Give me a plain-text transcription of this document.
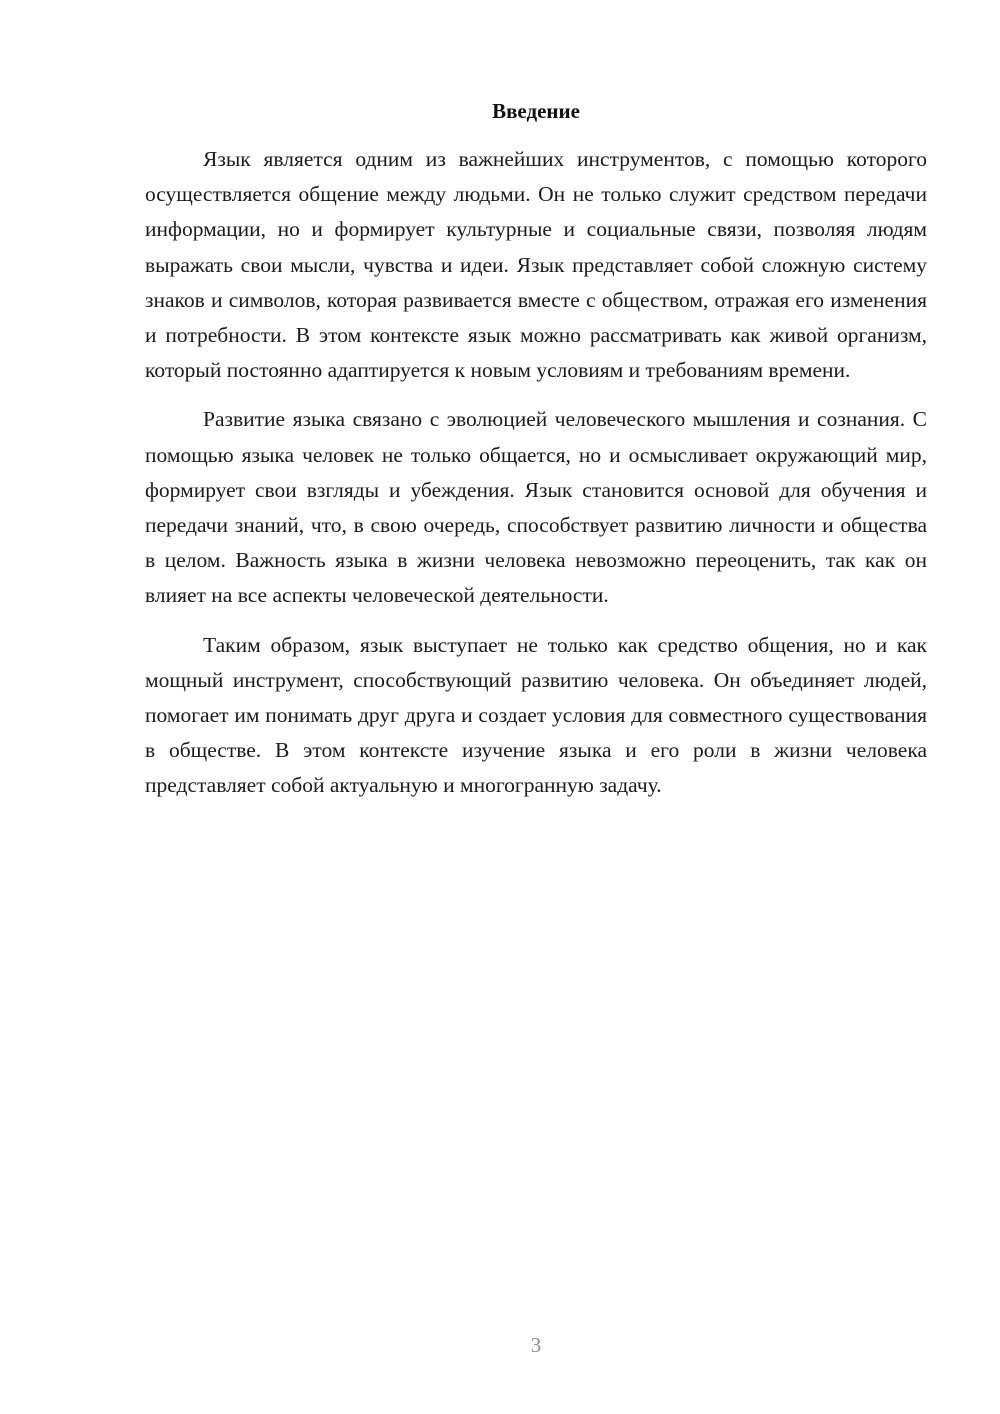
Введение

Язык является одним из важнейших инструментов, с помощью которого осуществляется общение между людьми. Он не только служит средством передачи информации, но и формирует культурные и социальные связи, позволяя людям выражать свои мысли, чувства и идеи. Язык представляет собой сложную систему знаков и символов, которая развивается вместе с обществом, отражая его изменения и потребности. В этом контексте язык можно рассматривать как живой организм, который постоянно адаптируется к новым условиям и требованиям времени.

Развитие языка связано с эволюцией человеческого мышления и сознания. С помощью языка человек не только общается, но и осмысливает окружающий мир, формирует свои взгляды и убеждения. Язык становится основой для обучения и передачи знаний, что, в свою очередь, способствует развитию личности и общества в целом. Важность языка в жизни человека невозможно переоценить, так как он влияет на все аспекты человеческой деятельности.

Таким образом, язык выступает не только как средство общения, но и как мощный инструмент, способствующий развитию человека. Он объединяет людей, помогает им понимать друг друга и создает условия для совместного существования в обществе. В этом контексте изучение языка и его роли в жизни человека представляет собой актуальную и многогранную задачу.

3
